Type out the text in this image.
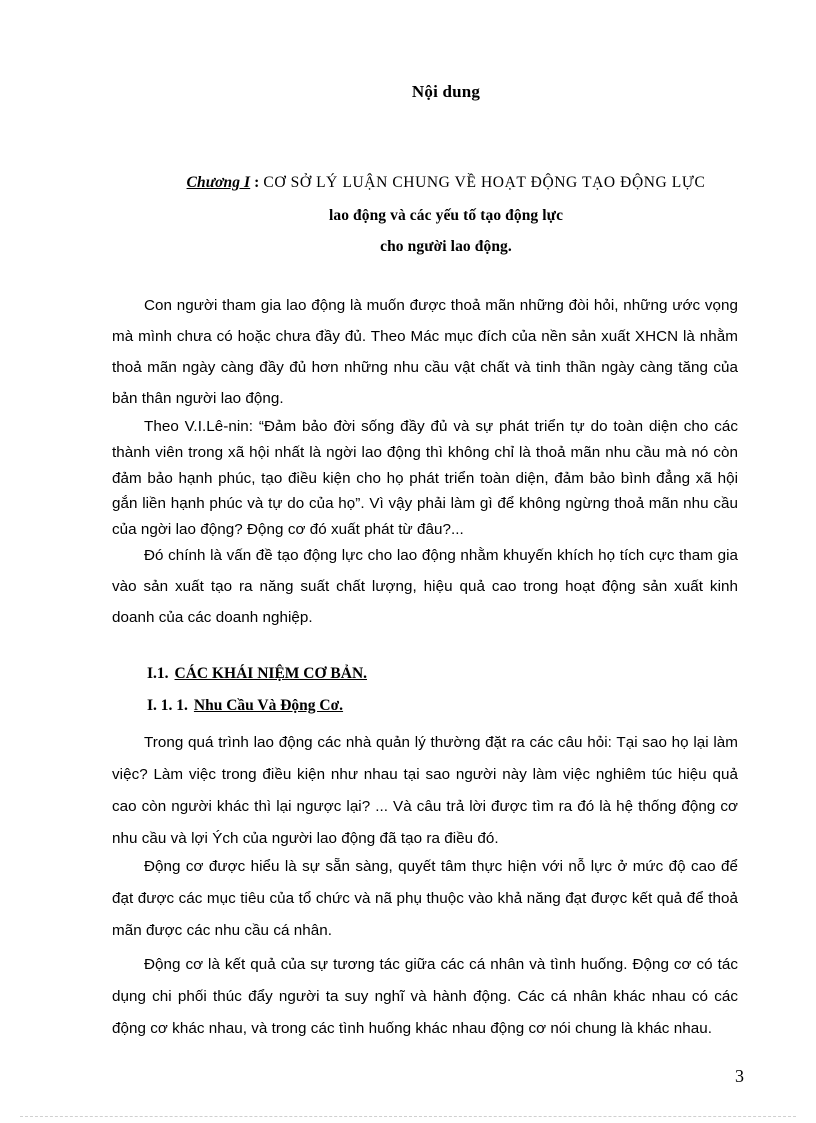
Nội dung
Chương I : CƠ SỞ LÝ LUẬN CHUNG VỀ HOẠT ĐỘNG TẠO ĐỘNG LỰC
lao động và các yếu tố tạo động lực
cho người lao động.
Con người tham gia lao động là muốn được thoả mãn những đòi hỏi, những ước vọng mà mình chưa có hoặc chưa đầy đủ. Theo Mác mục đích của nền sản xuất XHCN là nhằm thoả mãn ngày càng đầy đủ hơn những nhu cầu vật chất và tinh thần ngày càng tăng của bản thân người lao động.
Theo V.I.Lê-nin: “Đảm bảo đời sống đầy đủ và sự phát triển tự do toàn diện cho các thành viên trong xã hội nhất là ngời lao động thì không chỉ là thoả mãn nhu cầu mà nó còn đảm bảo hạnh phúc, tạo điều kiện cho họ phát triển toàn diện, đảm bảo bình đẳng xã hội gắn liền hạnh phúc và tự do của họ”. Vì vậy phải làm gì để không ngừng thoả mãn nhu cầu của ngời lao động? Động cơ đó xuất phát từ đâu?...
Đó chính là vấn đề tạo động lực cho lao động nhằm khuyến khích họ tích cực tham gia vào sản xuất tạo ra năng suất chất lượng, hiệu quả cao trong hoạt động sản xuất kinh doanh của các doanh nghiệp.
I.1. CÁC KHÁI NIỆM CƠ BẢN.
I. 1. 1. Nhu Cầu Và Động Cơ.
Trong quá trình lao động các nhà quản lý thường đặt ra các câu hỏi: Tại sao họ lại làm việc? Làm việc trong điều kiện như nhau tại sao người này làm việc nghiêm túc hiệu quả cao còn người khác thì lại ngược lại? ... Và câu trả lời được tìm ra đó là hệ thống động cơ nhu cầu và lợi Ých của người lao động đã tạo ra điều đó.
Động cơ được hiểu là sự sẵn sàng, quyết tâm thực hiện với nỗ lực ở mức độ cao để đạt được các mục tiêu của tổ chức và nã phụ thuộc vào khả năng đạt được kết quả để thoả mãn được các nhu cầu cá nhân.
Động cơ là kết quả của sự tương tác giữa các cá nhân và tình huống. Động cơ có tác dụng chi phối thúc đẩy người ta suy nghĩ và hành động. Các cá nhân khác nhau có các động cơ khác nhau, và trong các tình huống khác nhau động cơ nói chung là khác nhau.
3
